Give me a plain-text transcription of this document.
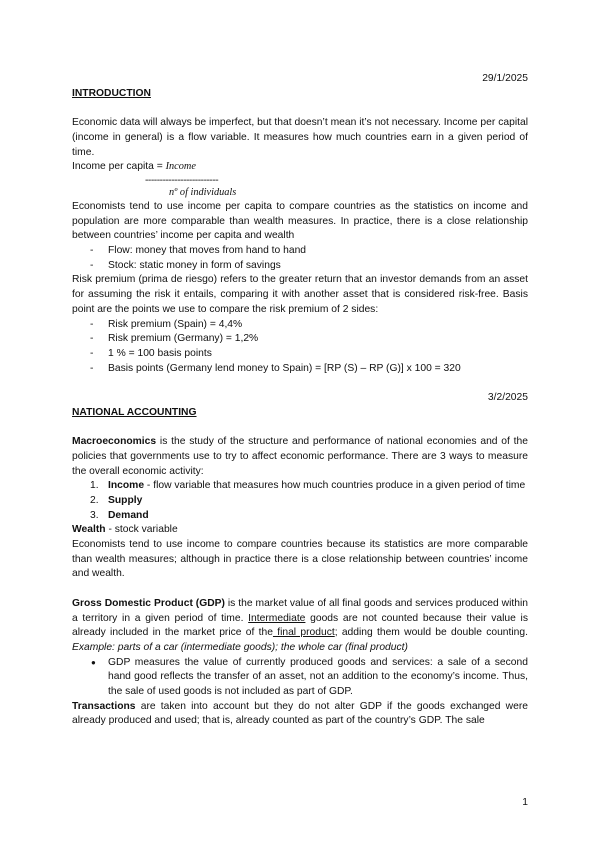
29/1/2025

INTRODUCTION

Economic data will always be imperfect, but that doesn’t mean it’s not necessary. Income per capital (income in general) is a flow variable. It measures how much countries earn in a given period of time.

Income per capita = Income

-------------------------

nº of individuals

Economists tend to use income per capita to compare countries as the statistics on income and population are more comparable than wealth measures. In practice, there is a close relationship between countries’ income per capita and wealth

- Flow: money that moves from hand to hand
- Stock: static money in form of savings

Risk premium (prima de riesgo) refers to the greater return that an investor demands from an asset for assuming the risk it entails, comparing it with another asset that is considered risk-free. Basis point are the points we use to compare the risk premium of 2 sides:

- Risk premium (Spain) = 4,4%
- Risk premium (Germany) = 1,2%
- 1 % = 100 basis points
- Basis points (Germany lend money to Spain) = [RP (S) – RP (G)] x 100 = 320

3/2/2025

NATIONAL ACCOUNTING

Macroeconomics is the study of the structure and performance of national economies and of the policies that governments use to try to affect economic performance. There are 3 ways to measure the overall economic activity:

1. Income - flow variable that measures how much countries produce in a given period of time
2. Supply
3. Demand

Wealth - stock variable

Economists tend to use income to compare countries because its statistics are more comparable than wealth measures; although in practice there is a close relationship between countries’ income and wealth.

Gross Domestic Product (GDP) is the market value of all final goods and services produced within a territory in a given period of time. Intermediate goods are not counted because their value is already included in the market price of the final product; adding them would be double counting. Example: parts of a car (intermediate goods); the whole car (final product)

● GDP measures the value of currently produced goods and services: a sale of a second hand good reflects the transfer of an asset, not an addition to the economy’s income. Thus, the sale of used goods is not included as part of GDP.

Transactions are taken into account but they do not alter GDP if the goods exchanged were already produced and used; that is, already counted as part of the country’s GDP. The sale

1
